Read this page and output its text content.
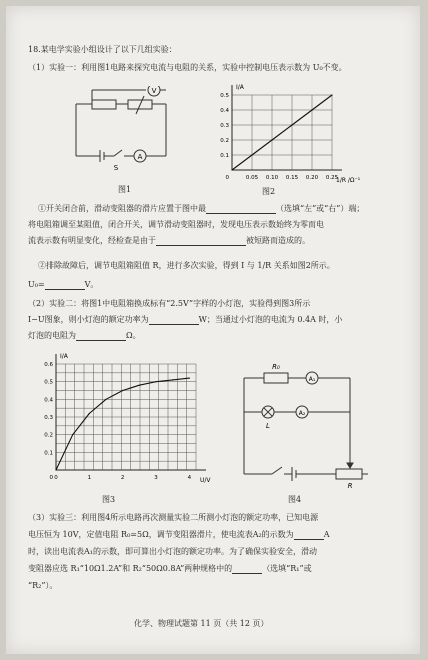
18.某电学实验小组设计了以下几组实验：
（1）实验一：利用图1电路来探究电流与电阻的关系，实验中控制电压表示数为 U₀不变。
V
A
S
图1
0.05 0.10 0.15 0.20 0.25
0.1
0.2
0.3
0.4
0.5
0
I/A
1/R /Ω⁻¹
图2
①开关闭合前，滑动变阻器的滑片应置于图中最	（选填“左”或“右”）端；
将电阻箱调至某阻值，闭合开关，调节滑动变阻器时，发现电压表示数始终为零而电
流表示数有明显变化，经检查是由于	被短路而造成的。
②排除故障后，调节电阻箱阻值 R，进行多次实验，得到 I 与 1/R 关系如图2所示。
U₀=	V。
（2）实验二：将图1中电阻箱换成标有“2.5V”字样的小灯泡，实验得到图3所示
I−U图象，则小灯泡的额定功率为	W；当通过小灯泡的电流为 0.4A 时，小
灯泡的电阻为	Ω。
0	1	2	3	4
0.1
0.2
0.3
0.4
0.5
0.6
0
I/A
U/V
图3
R₀
A₁
L
A₂
R
图4
（3）实验三：利用图4所示电路再次测量实验二所测小灯泡的额定功率，已知电源
电压恒为 10V，定值电阻 R₀=5Ω，调节变阻器滑片，使电流表A₂的示数为	A
时，读出电流表A₁的示数，即可算出小灯泡的额定功率。为了确保实验安全，滑动
变阻器应选 R₁“10Ω1.2A”和 R₂“50Ω0.8A”两种规格中的	（选填“R₁”或
“R₂”）。
化学、物理试题第 11 页（共 12 页）
